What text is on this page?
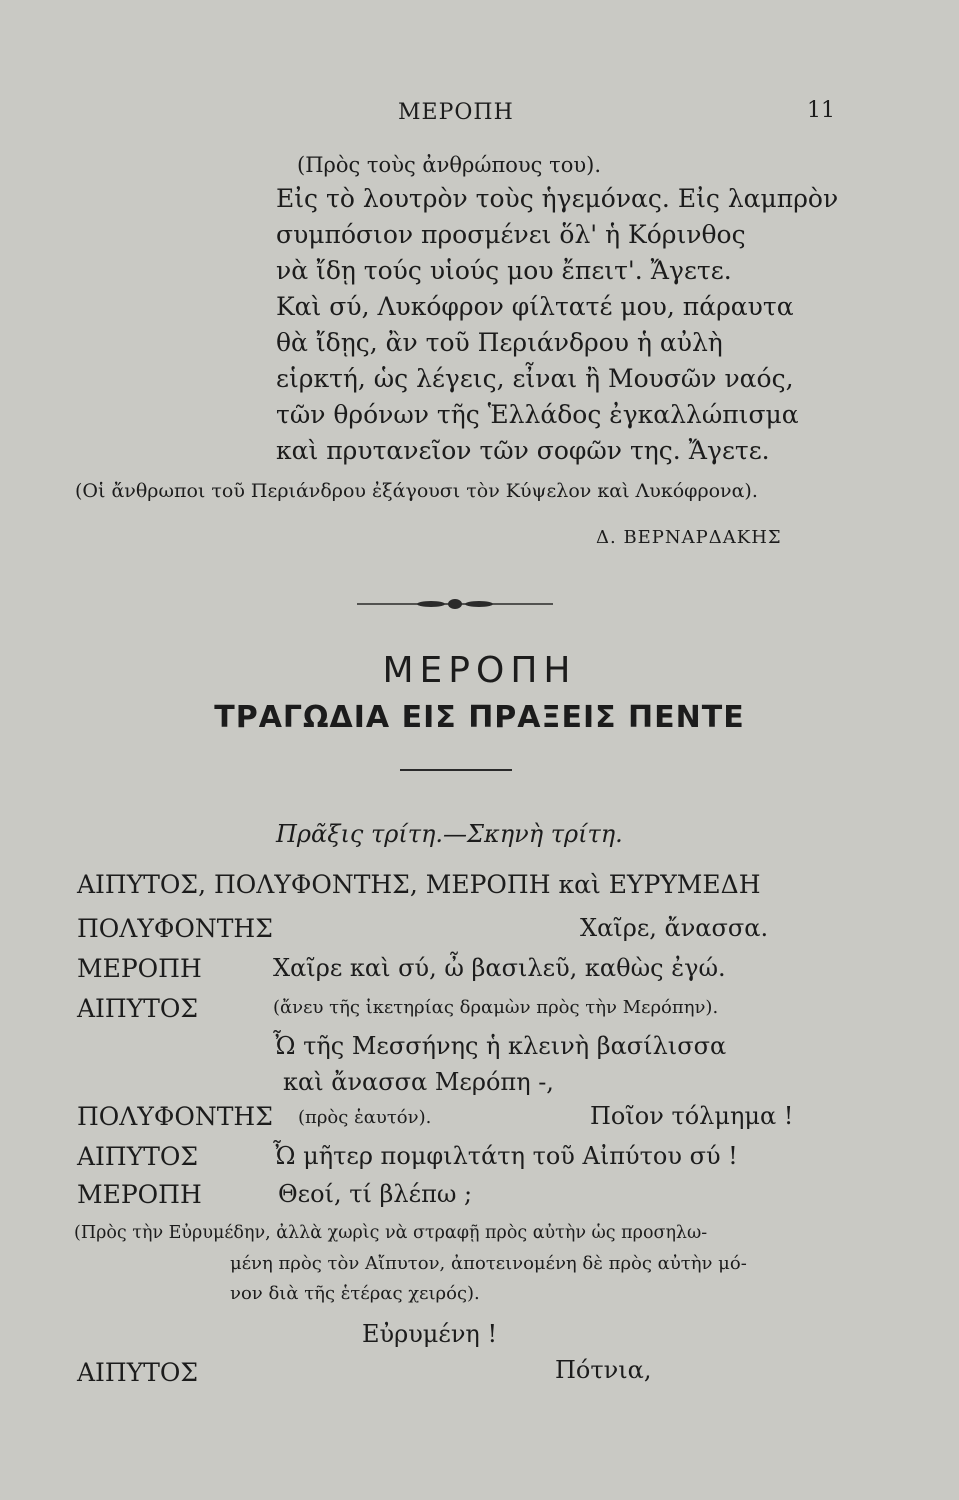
ΜΕΡΟΠΗ	11
(Πρὸς τοὺς ἀνθρώπους του).
Εἰς τὸ λουτρὸν τοὺς ἡγεμόνας. Εἰς λαμπρὸν
συμπόσιον προσμένει ὅλ' ἡ Κόρινθος
νὰ ἴδῃ τούς υἱούς μου ἔπειτ'. Ἄγετε.
Καὶ σύ, Λυκόφρον φίλτατέ μου, πάραυτα
θὰ ἴδῃς, ἂν τοῦ Περιάνδρου ἡ αὐλὴ
εἱρκτή, ὡς λέγεις, εἶναι ἢ Μουσῶν ναός,
τῶν θρόνων τῆς Ἑλλάδος ἐγκαλλώπισμα
καὶ πρυτανεῖον τῶν σοφῶν της. Ἄγετε.
(Οἱ ἄνθρωποι τοῦ Περιάνδρου ἐξάγουσι τὸν Κύψελον καὶ Λυκόφρονα).
Δ. ΒΕΡΝΑΡΔΑΚΗΣ
ΜΕΡΟΠΗ
ΤΡΑΓΩΔΙΑ ΕΙΣ ΠΡΑΞΕΙΣ ΠΕΝΤΕ
Πρᾶξις τρίτη.—Σκηνὴ τρίτη.
ΑΙΠΥΤΟΣ, ΠΟΛΥΦΟΝΤΗΣ, ΜΕΡΟΠΗ καὶ ΕΥΡΥΜΕΔΗ
ΠΟΛΥΦΟΝΤΗΣ	Χαῖρε, ἄνασσα.
ΜΕΡΟΠΗ	Χαῖρε καὶ σύ, ὦ βασιλεῦ, καθὼς ἐγώ.
ΑΙΠΥΤΟΣ	(ἄνευ τῆς ἱκετηρίας δραμὼν πρὸς τὴν Μερόπην).
Ὦ τῆς Μεσσήνης ἡ κλεινὴ βασίλισσα
καὶ ἄνασσα Μερόπη -,
ΠΟΛΥΦΟΝΤΗΣ (πρὸς ἑαυτόν).	Ποῖον τόλμημα !
ΑΙΠΥΤΟΣ	Ὦ μῆτερ πομφιλτάτη τοῦ Αἰπύτου σύ !
ΜΕΡΟΠΗ	Θεοί, τί βλέπω ;
(Πρὸς τὴν Εὐρυμέδην, ἀλλὰ χωρὶς νὰ στραφῇ πρὸς αὐτὴν ὡς προσηλω-
μένη πρὸς τὸν Αἴπυτον, ἀποτεινομένη δὲ πρὸς αὐτὴν μό-
νον διὰ τῆς ἑτέρας χειρός).
Εὐρυμένη !
ΑΙΠΥΤΟΣ	Πότνια,
